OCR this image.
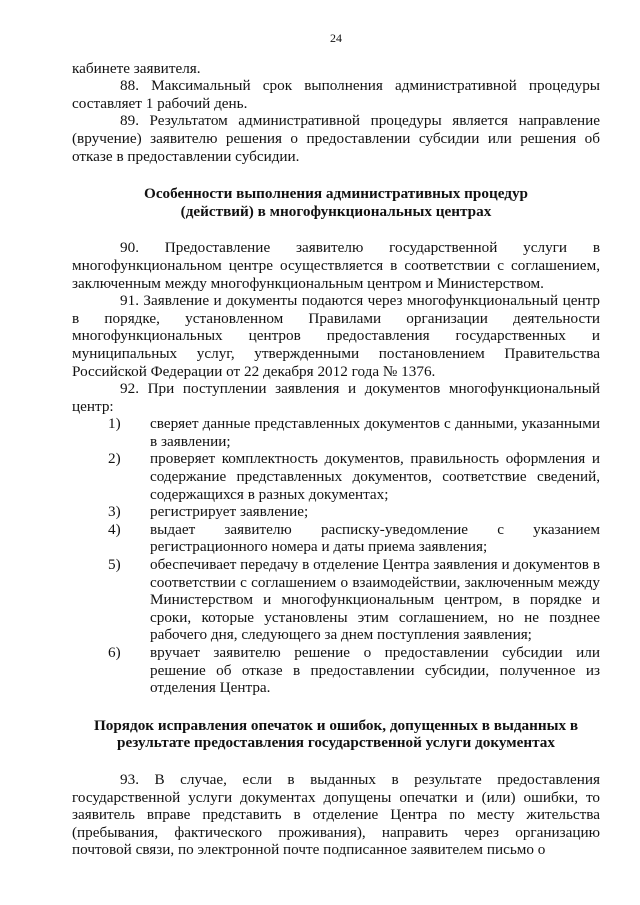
24

кабинете заявителя.

88. Максимальный срок выполнения административной процедуры составляет 1 рабочий день.

89. Результатом административной процедуры является направление (вручение) заявителю решения о предоставлении субсидии или решения об отказе в предоставлении субсидии.

Особенности выполнения административных процедур

(действий) в многофункциональных центрах

90. Предоставление заявителю государственной услуги в многофункциональном центре осуществляется в соответствии с соглашением, заключенным между многофункциональным центром и Министерством.

91. Заявление и документы подаются через многофункциональный центр в порядке, установленном Правилами организации деятельности многофункциональных центров предоставления государственных и муниципальных услуг, утвержденными постановлением Правительства Российской Федерации от 22 декабря 2012 года № 1376.

92. При поступлении заявления и документов многофункциональный центр:

1)	сверяет данные представленных документов с данными, указанными в заявлении;
2)	проверяет комплектность документов, правильность оформления и содержание представленных документов, соответствие сведений, содержащихся в разных документах;
3)	регистрирует заявление;
4)	выдает заявителю расписку-уведомление с указанием регистрационного номера и даты приема заявления;
5)	обеспечивает передачу в отделение Центра заявления и документов в соответствии с соглашением о взаимодействии, заключенным между Министерством и многофункциональным центром, в порядке и сроки, которые установлены этим соглашением, но не позднее рабочего дня, следующего за днем поступления заявления;
6)	вручает заявителю решение о предоставлении субсидии или решение об отказе в предоставлении субсидии, полученное из отделения Центра.

Порядок исправления опечаток и ошибок, допущенных в выданных в

результате предоставления государственной услуги документах

93. В случае, если в выданных в результате предоставления государственной услуги документах допущены опечатки и (или) ошибки, то заявитель вправе представить в отделение Центра по месту жительства (пребывания, фактического проживания), направить через организацию почтовой связи, по электронной почте подписанное заявителем письмо о
